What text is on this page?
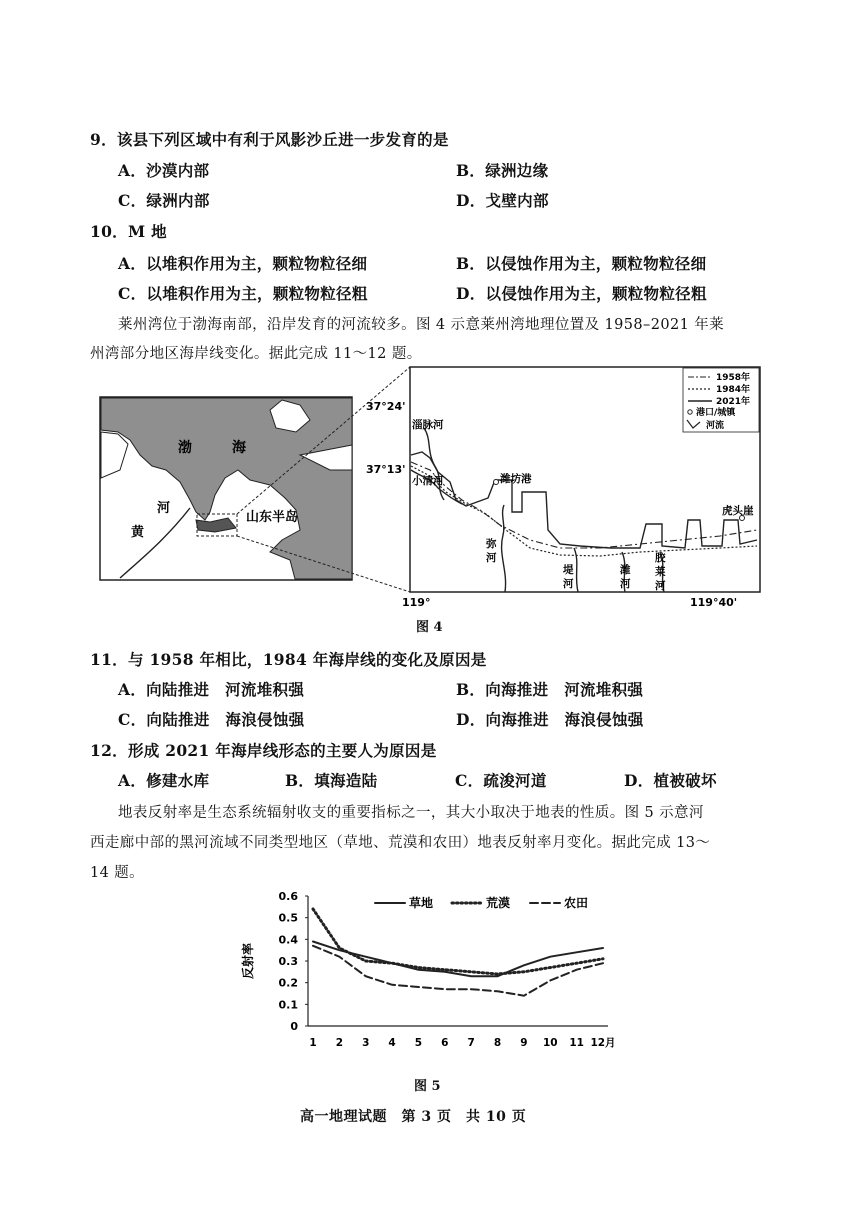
9．该县下列区域中有利于风影沙丘进一步发育的是
A．沙漠内部	B．绿洲边缘
C．绿洲内部	D．戈壁内部
10．M 地
A．以堆积作用为主，颗粒物粒径细	B．以侵蚀作用为主，颗粒物粒径细
C．以堆积作用为主，颗粒物粒径粗	D．以侵蚀作用为主，颗粒物粒径粗
莱州湾位于渤海南部，沿岸发育的河流较多。图 4 示意莱州湾地理位置及 1958–2021 年莱
州湾部分地区海岸线变化。据此完成 11～12 题。
渤	海
河
黄
山东半岛
1958年
1984年
2021年
港口/城镇
河流
37°24'
37°13'
119°	119°40'
淄脉河
小清河	潍坊港
虎头崖
弥
河
堤
河
潍
河
胶
莱
河
图 4
11．与 1958 年相比，1984 年海岸线的变化及原因是
A．向陆推进　河流堆积强	B．向海推进　河流堆积强
C．向陆推进　海浪侵蚀强	D．向海推进　海浪侵蚀强
12．形成 2021 年海岸线形态的主要人为原因是
A．修建水库	B．填海造陆	C．疏浚河道	D．植被破坏
地表反射率是生态系统辐射收支的重要指标之一，其大小取决于地表的性质。图 5 示意河
西走廊中部的黑河流域不同类型地区（草地、荒漠和农田）地表反射率月变化。据此完成 13～
14 题。
0
0.1
0.2
0.3
0.4
0.5
0.6
1 2 3 4 5 6 7 8 9 10 11 12月
反射率
草地	荒漠	农田
图 5
高一地理试题　第 3 页　共 10 页
